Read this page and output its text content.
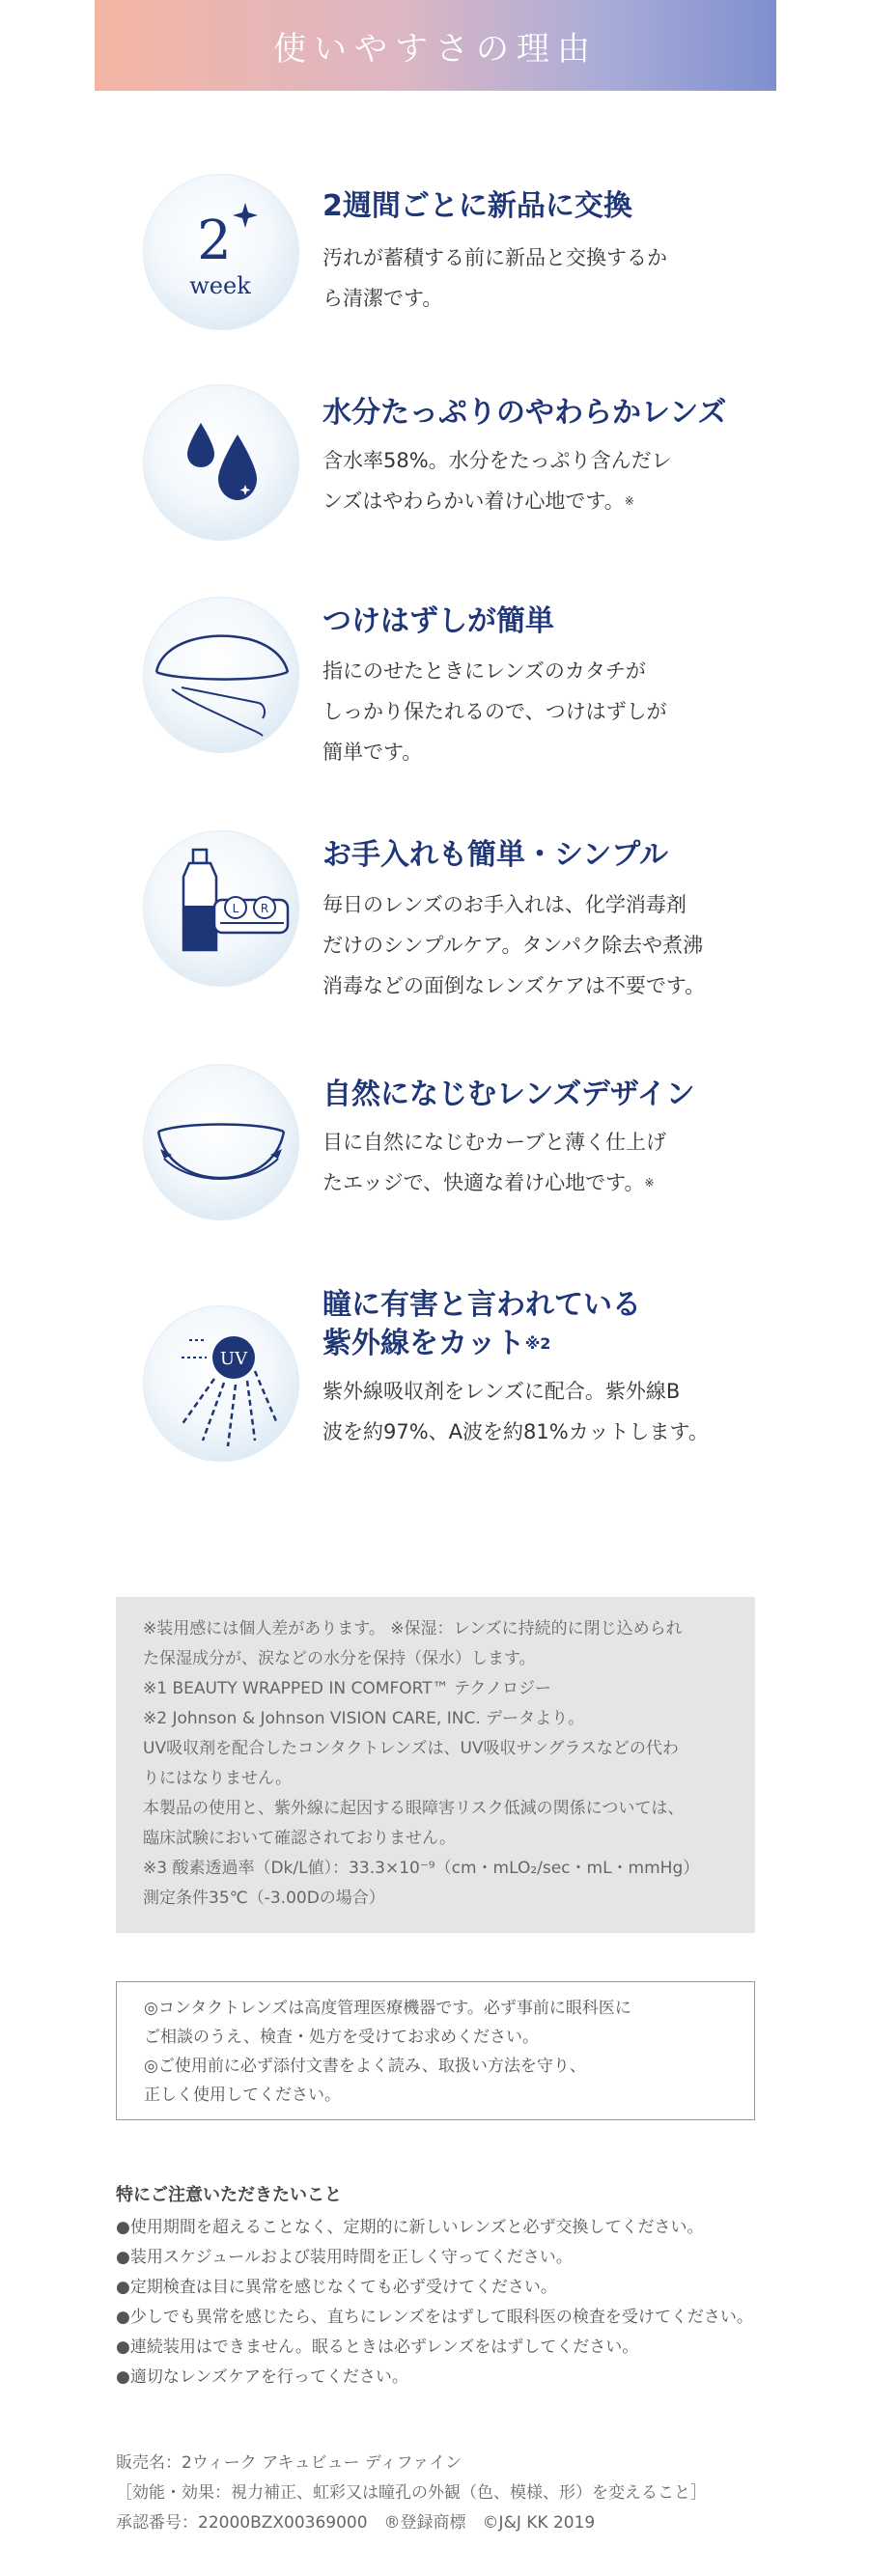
使いやすさの理由
2
week
2週間ごとに新品に交換

汚れが蓄積する前に新品と交換するか
ら清潔です。

水分たっぷりのやわらかレンズ

含水率58%。水分をたっぷり含んだレ
ンズはやわらかい着け心地です。※

つけはずしが簡単

指にのせたときにレンズのカタチが
しっかり保たれるので、つけはずしが
簡単です。

L R
お手入れも簡単・シンプル

毎日のレンズのお手入れは、化学消毒剤
だけのシンプルケア。タンパク除去や煮沸
消毒などの面倒なレンズケアは不要です。

自然になじむレンズデザイン

目に自然になじむカーブと薄く仕上げ
たエッジで、快適な着け心地です。※

UV
瞳に有害と言われている
紫外線をカット$^{※2}$

紫外線吸収剤をレンズに配合。紫外線B
波を約97%、A波を約81%カットします。

※装用感には個人差があります。 ※保湿：レンズに持続的に閉じ込められ
た保湿成分が、涙などの水分を保持（保水）します。
※1 BEAUTY WRAPPED IN COMFORT™ テクノロジー
※2 Johnson & Johnson VISION CARE, INC. データより。
UV吸収剤を配合したコンタクトレンズは、UV吸収サングラスなどの代わ
りにはなりません。
本製品の使用と、紫外線に起因する眼障害リスク低減の関係については、
臨床試験において確認されておりません。
※3 酸素透過率（Dk/L値）：33.3×10⁻⁹（cm・mLO₂/sec・mL・mmHg）
測定条件35℃（-3.00Dの場合）
◎コンタクトレンズは高度管理医療機器です。必ず事前に眼科医に
ご相談のうえ、検査・処方を受けてお求めください。
◎ご使用前に必ず添付文書をよく読み、取扱い方法を守り、
正しく使用してください。
特にご注意いただきたいこと
●使用期間を超えることなく、定期的に新しいレンズと必ず交換してください。
●装用スケジュールおよび装用時間を正しく守ってください。
●定期検査は目に異常を感じなくても必ず受けてください。
●少しでも異常を感じたら、直ちにレンズをはずして眼科医の検査を受けてください。
●連続装用はできません。眠るときは必ずレンズをはずしてください。
●適切なレンズケアを行ってください。
販売名：2ウィーク アキュビュー ディファイン
［効能・効果：視力補正、虹彩又は瞳孔の外観（色、模様、形）を変えること］
承認番号：22000BZX00369000　®登録商標　©J&J KK 2019
